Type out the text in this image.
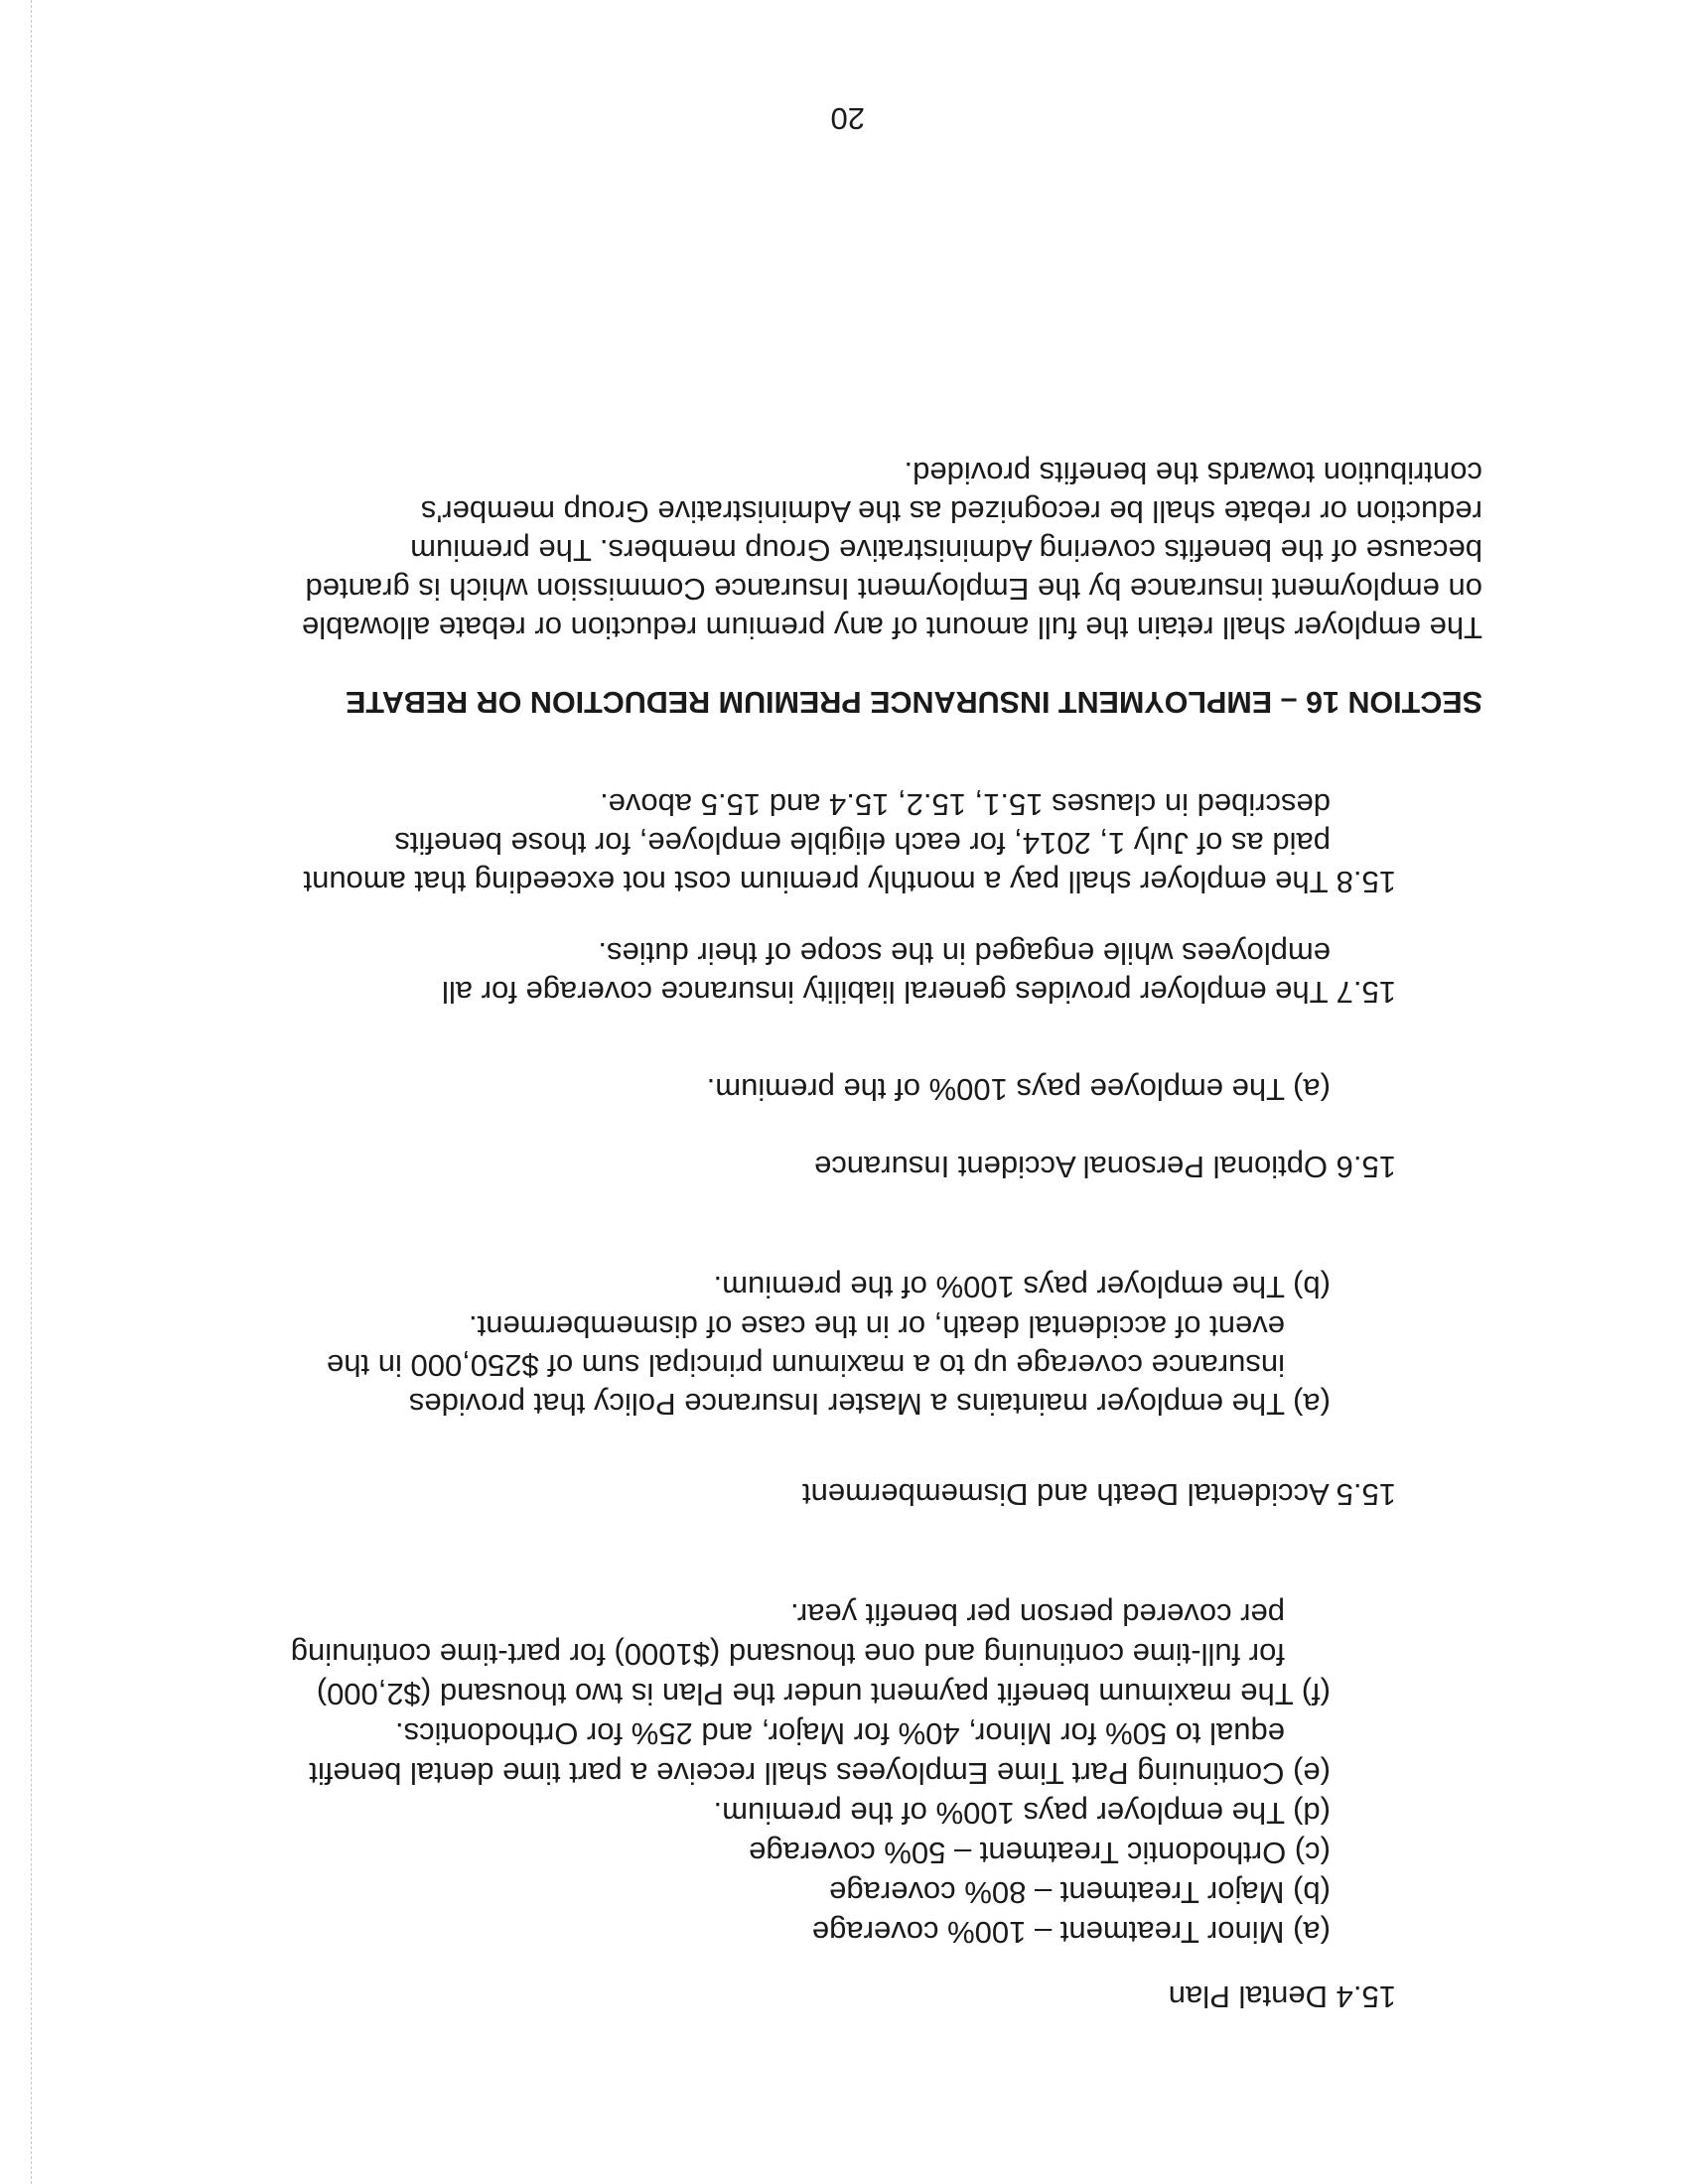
15.4 Dental Plan
(a) Minor Treatment – 100% coverage
(b) Major Treatment – 80% coverage
(c) Orthodontic Treatment – 50% coverage
(d) The employer pays 100% of the premium.
(e) Continuing Part Time Employees shall receive a part time dental benefit
equal to 50% for Minor, 40% for Major, and 25% for Orthodontics.
(f) The maximum benefit payment under the Plan is two thousand ($2,000)
for full-time continuing and one thousand ($1000) for part-time continuing
per covered person per benefit year.
15.5 Accidental Death and Dismemberment
(a) The employer maintains a Master Insurance Policy that provides
insurance coverage up to a maximum principal sum of $250,000 in the
event of accidental death, or in the case of dismemberment.
(b) The employer pays 100% of the premium.
15.6 Optional Personal Accident Insurance
(a) The employee pays 100% of the premium.
15.7 The employer provides general liability insurance coverage for all
employees while engaged in the scope of their duties.
15.8 The employer shall pay a monthly premium cost not exceeding that amount
paid as of July 1, 2014, for each eligible employee, for those benefits
described in clauses 15.1, 15.2, 15.4 and 15.5 above.
SECTION 16 – EMPLOYMENT INSURANCE PREMIUM REDUCTION OR REBATE
The employer shall retain the full amount of any premium reduction or rebate allowable
on employment insurance by the Employment Insurance Commission which is granted
because of the benefits covering Administrative Group members. The premium
reduction or rebate shall be recognized as the Administrative Group member's
contribution towards the benefits provided.
20
